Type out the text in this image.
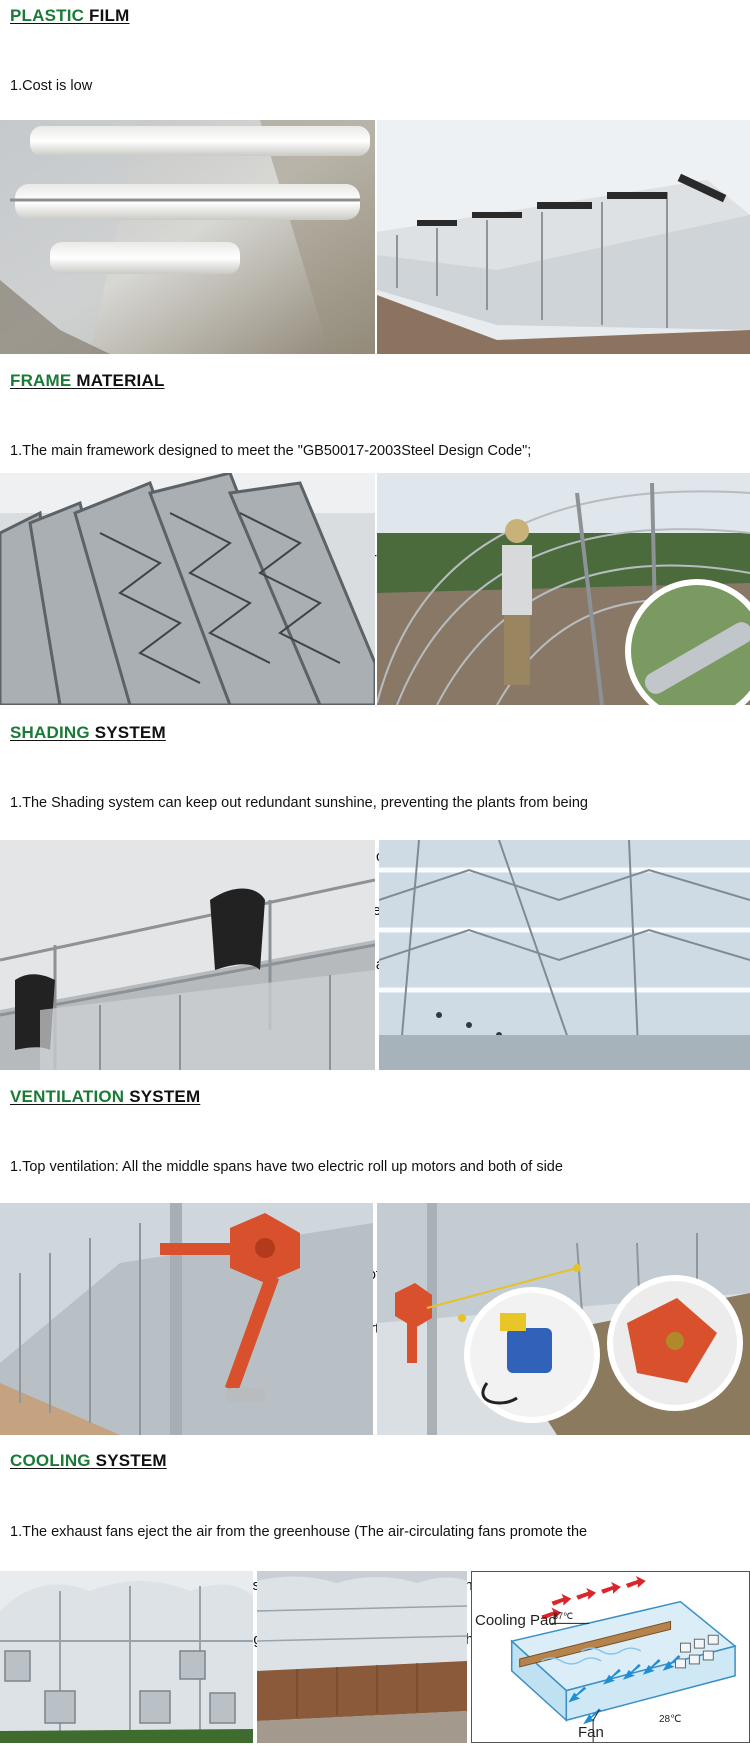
PLASTIC FILM

1.Cost is low

FRAME MATERIAL

1.The main framework designed to meet the "GB50017-2003Steel Design Code";

SHADING SYSTEM

1.The Shading system can keep out redundant sunshine, preventing the plants from being

VENTILATION SYSTEM

1.Top ventilation: All the middle spans have two electric roll up motors and both of side

COOLING SYSTEM

1.The exhaust fans eject the air from the greenhouse (The air-circulating fans promote the

the

the

Cooling Pad
37℃
28℃
Fan
